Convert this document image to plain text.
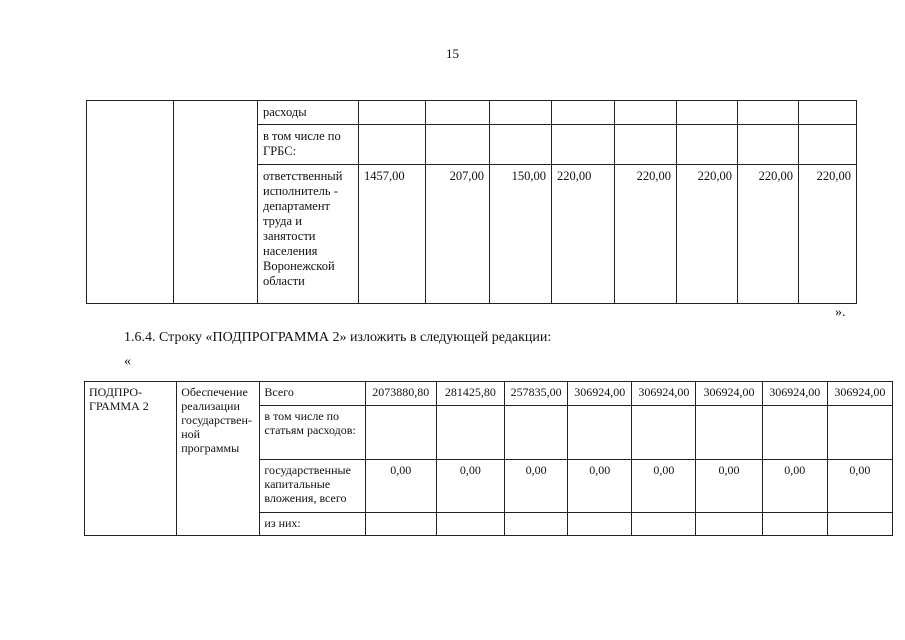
15
		расходы								
		в том числе по ГРБС:								
		ответственный исполнитель - департамент труда и занятости населения Воронежской области	1457,00	207,00	150,00	220,00	220,00	220,00	220,00	220,00
».
1.6.4. Строку «ПОДПРОГРАММА 2» изложить в следующей редакции:
«
ПОДПРО-ГРАММА 2	Обеспечение реализации государствен-ной программы	Всего	2073880,80	281425,80	257835,00	306924,00	306924,00	306924,00	306924,00	306924,00
		в том числе по статьям расходов:								
		государственные капитальные вложения, всего	0,00	0,00	0,00	0,00	0,00	0,00	0,00	0,00
		из них:								
